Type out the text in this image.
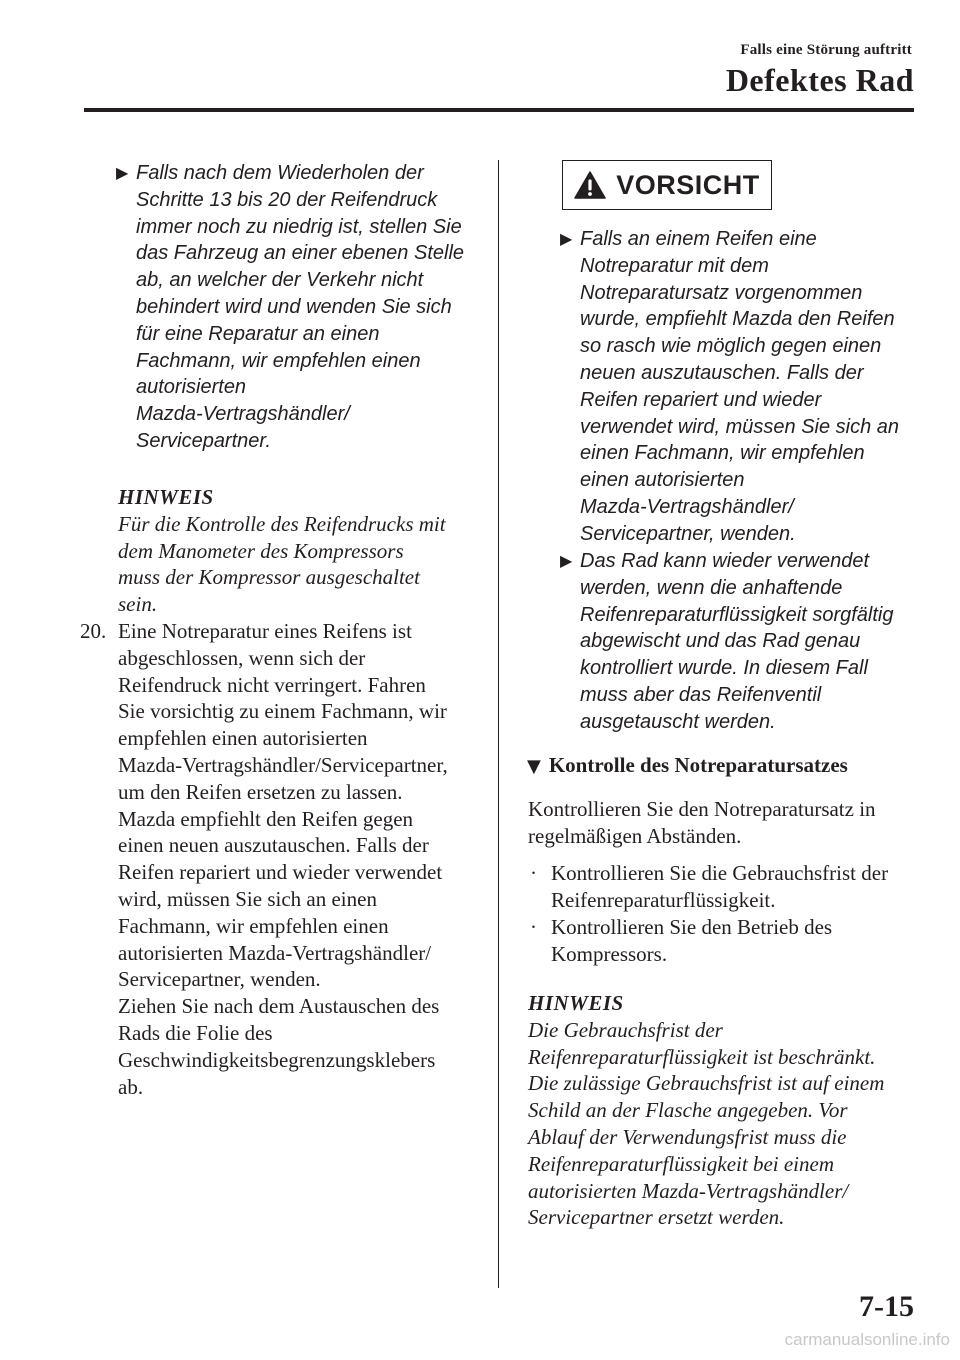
Falls eine Störung auftritt
Defektes Rad
▶ Falls nach dem Wiederholen der
Schritte 13 bis 20 der Reifendruck
immer noch zu niedrig ist, stellen Sie
das Fahrzeug an einer ebenen Stelle
ab, an welcher der Verkehr nicht
behindert wird und wenden Sie sich
für eine Reparatur an einen
Fachmann, wir empfehlen einen
autorisierten
Mazda-Vertragshändler/
Servicepartner.
HINWEIS
Für die Kontrolle des Reifendrucks mit
dem Manometer des Kompressors
muss der Kompressor ausgeschaltet
sein.
20. Eine Notreparatur eines Reifens ist
abgeschlossen, wenn sich der
Reifendruck nicht verringert. Fahren
Sie vorsichtig zu einem Fachmann, wir
empfehlen einen autorisierten
Mazda-Vertragshändler/Servicepartner,
um den Reifen ersetzen zu lassen.
Mazda empfiehlt den Reifen gegen
einen neuen auszutauschen. Falls der
Reifen repariert und wieder verwendet
wird, müssen Sie sich an einen
Fachmann, wir empfehlen einen
autorisierten Mazda-Vertragshändler/
Servicepartner, wenden.
Ziehen Sie nach dem Austauschen des
Rads die Folie des
Geschwindigkeitsbegrenzungsklebers
ab.
VORSICHT
▶ Falls an einem Reifen eine
Notreparatur mit dem
Notreparatursatz vorgenommen
wurde, empfiehlt Mazda den Reifen
so rasch wie möglich gegen einen
neuen auszutauschen. Falls der
Reifen repariert und wieder
verwendet wird, müssen Sie sich an
einen Fachmann, wir empfehlen
einen autorisierten
Mazda-Vertragshändler/
Servicepartner, wenden.
▶ Das Rad kann wieder verwendet
werden, wenn die anhaftende
Reifenreparaturflüssigkeit sorgfältig
abgewischt und das Rad genau
kontrolliert wurde. In diesem Fall
muss aber das Reifenventil
ausgetauscht werden.
▼ Kontrolle des Notreparatursatzes
Kontrollieren Sie den Notreparatursatz in
regelmäßigen Abständen.
· Kontrollieren Sie die Gebrauchsfrist der
Reifenreparaturflüssigkeit.
· Kontrollieren Sie den Betrieb des
Kompressors.
HINWEIS
Die Gebrauchsfrist der
Reifenreparaturflüssigkeit ist beschränkt.
Die zulässige Gebrauchsfrist ist auf einem
Schild an der Flasche angegeben. Vor
Ablauf der Verwendungsfrist muss die
Reifenreparaturflüssigkeit bei einem
autorisierten Mazda-Vertragshändler/
Servicepartner ersetzt werden.
7-15
carmanualsonline.info
